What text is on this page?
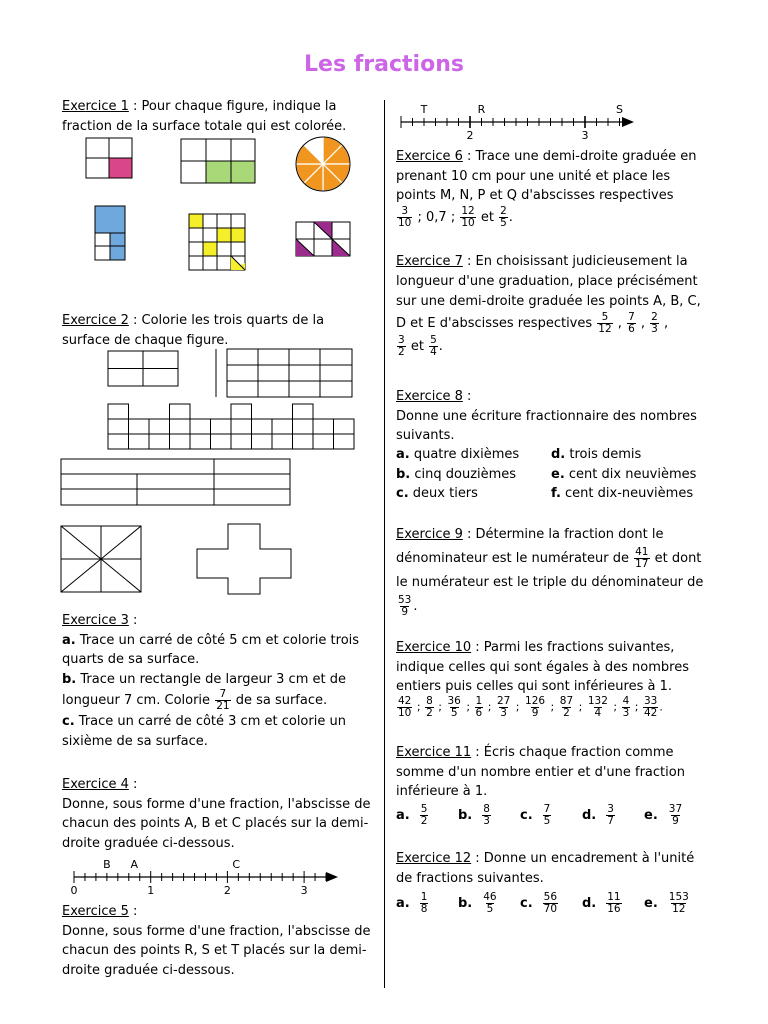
Les fractions
Exercice 1 : Pour chaque figure, indique la fraction de la surface totale qui est colorée.
Exercice 2 : Colorie les trois quarts de la surface de chaque figure.
Exercice 3 :
a. Trace un carré de côté 5 cm et colorie trois quarts de sa surface.
b. Trace un rectangle de largeur 3 cm et de longueur 7 cm. Colorie $\frac{7}{21}$ de sa surface.
c. Trace un carré de côté 3 cm et colorie un sixième de sa surface.
Exercice 4 :
Donne, sous forme d'une fraction, l'abscisse de chacun des points A, B et C placés sur la demi-droite graduée ci-dessous.
0	1	2	3
B A	C
Exercice 5 :
Donne, sous forme d'une fraction, l'abscisse de chacun des points R, S et T placés sur la demi-droite graduée ci-dessous.
2	3
T	R	S
Exercice 6 : Trace une demi-droite graduée en prenant 10 cm pour une unité et place les points M, N, P et Q d'abscisses respectives

$\frac{3}{10}$ ; 0,7 ; $\frac{12}{10}$ et $\frac{2}{5}$ .
Exercice 7 : En choisissant judicieusement la longueur d'une graduation, place précisément sur une demi-droite graduée les points A, B, C, D et E d'abscisses respectives $\frac{5}{12}$ , $\frac{7}{6}$ , $\frac{2}{3}$ ,

$\frac{3}{2}$ et $\frac{5}{4}$ .
Exercice 8 :
Donne une écriture fractionnaire des nombres suivants.
a. quatre dixièmes d. trois demis
b. cinq douzièmes	e. cent dix neuvièmes
c. deux tiers	f. cent dix-neuvièmes
Exercice 9 : Détermine la fraction dont le dénominateur est le numérateur de $\frac{41}{17}$ et dont le numérateur est le triple du dénominateur de
$\frac{53}{9}$ .
Exercice 10 : Parmi les fractions suivantes, indique celles qui sont égales à des nombres entiers puis celles qui sont inférieures à 1.
$\frac{42}{10}$ ; $\frac{8}{2}$ ; $\frac{36}{5}$ ; $\frac{1}{6}$ ; $\frac{27}{3}$ ; $\frac{126}{9}$ ; $\frac{87}{2}$ ; $\frac{132}{4}$ ; $\frac{4}{3}$ ; $\frac{33}{42}$ .
Exercice 11 : Écris chaque fraction comme somme d'un nombre entier et d'une fraction inférieure à 1.
a. $\frac{5}{2} b$. $\frac{8}{3} c$. $\frac{7}{5} d$. $\frac{3}{7} e$. $\frac{37}{9}$
Exercice 12 : Donne un encadrement à l'unité de fractions suivantes.
a. $\frac{1}{8} b$. $\frac{46}{5} c$. $\frac{56}{70} d$. $\frac{11}{16} e$. $\frac{153}{12}$
